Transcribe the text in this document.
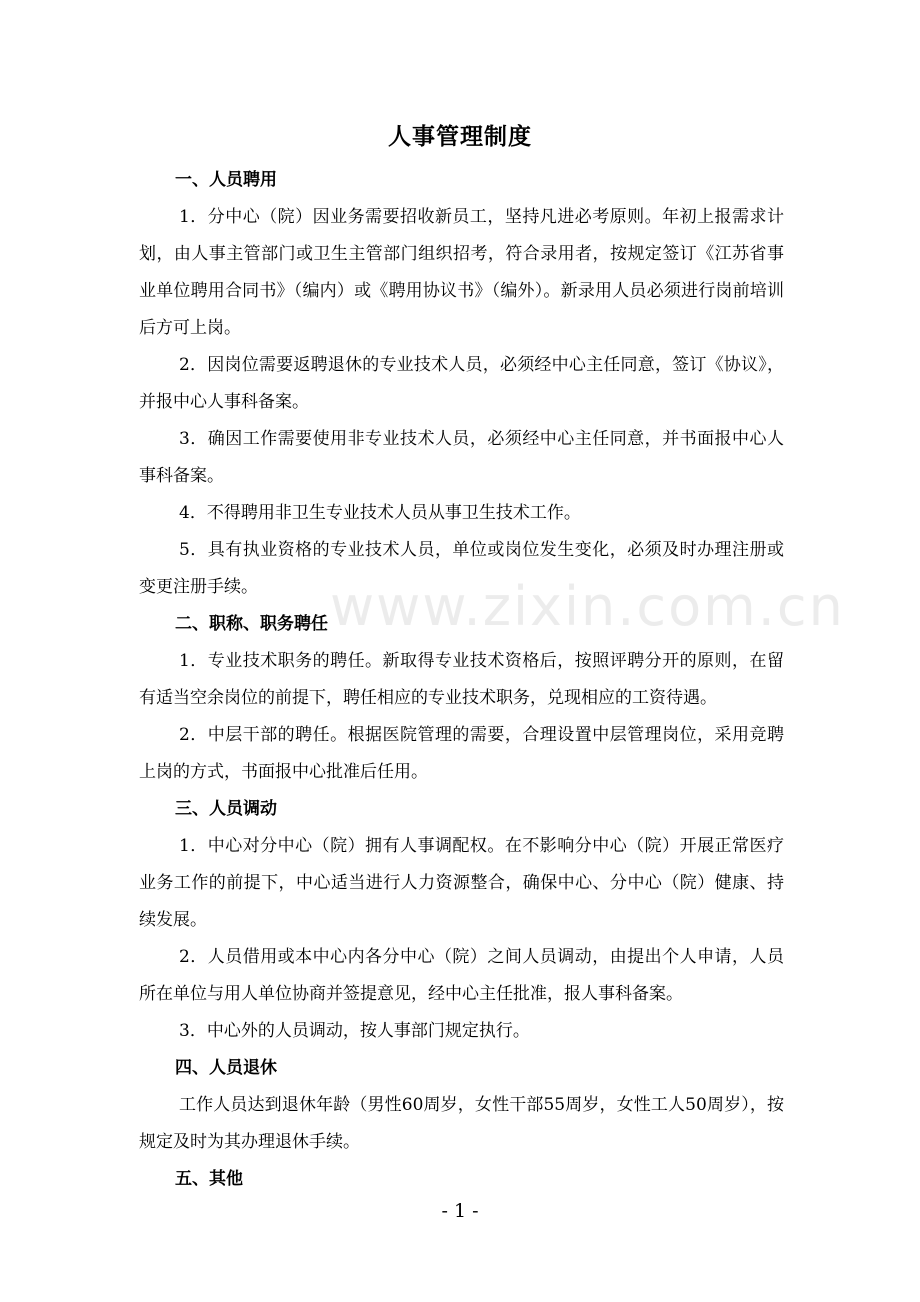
人事管理制度

一、人员聘用

1．分中心（院）因业务需要招收新员工，坚持凡进必考原则。年初上报需求计划，由人事主管部门或卫生主管部门组织招考，符合录用者，按规定签订《江苏省事业单位聘用合同书》（编内）或《聘用协议书》（编外）。新录用人员必须进行岗前培训后方可上岗。

2．因岗位需要返聘退休的专业技术人员，必须经中心主任同意，签订《协议》，并报中心人事科备案。

3．确因工作需要使用非专业技术人员，必须经中心主任同意，并书面报中心人事科备案。

4．不得聘用非卫生专业技术人员从事卫生技术工作。

5．具有执业资格的专业技术人员，单位或岗位发生变化，必须及时办理注册或变更注册手续。

二、职称、职务聘任

1．专业技术职务的聘任。新取得专业技术资格后，按照评聘分开的原则，在留有适当空余岗位的前提下，聘任相应的专业技术职务，兑现相应的工资待遇。

2．中层干部的聘任。根据医院管理的需要，合理设置中层管理岗位，采用竞聘上岗的方式，书面报中心批准后任用。

三、人员调动

1．中心对分中心（院）拥有人事调配权。在不影响分中心（院）开展正常医疗业务工作的前提下，中心适当进行人力资源整合，确保中心、分中心（院）健康、持续发展。

2．人员借用或本中心内各分中心（院）之间人员调动，由提出个人申请，人员所在单位与用人单位协商并签提意见，经中心主任批准，报人事科备案。

3．中心外的人员调动，按人事部门规定执行。

四、人员退休

工作人员达到退休年龄（男性60周岁，女性干部55周岁，女性工人50周岁），按规定及时为其办理退休手续。

五、其他

www.zixin.com.cn
- 1 -
